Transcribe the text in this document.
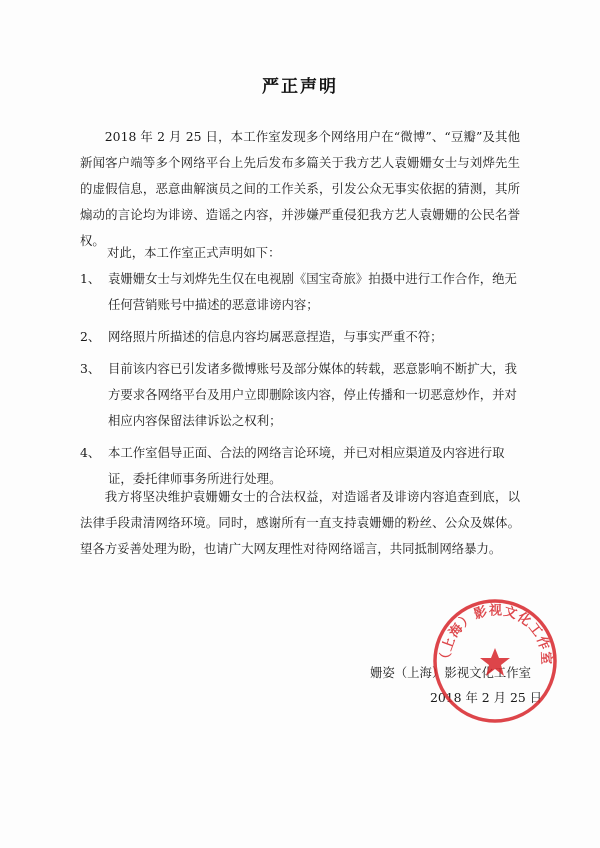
严正声明

2018 年 2 月 25 日，本工作室发现多个网络用户在“微博”、“豆瓣”及其他新闻客户端等多个网络平台上先后发布多篇关于我方艺人袁姗姗女士与刘烨先生的虚假信息，恶意曲解演员之间的工作关系，引发公众无事实依据的猜测，其所煽动的言论均为诽谤、造谣之内容，并涉嫌严重侵犯我方艺人袁姗姗的公民名誉权。

对此，本工作室正式声明如下：
1、 袁姗姗女士与刘烨先生仅在电视剧《国宝奇旅》拍摄中进行工作合作，绝无任何营销账号中描述的恶意诽谤内容；
2、 网络照片所描述的信息内容均属恶意捏造，与事实严重不符；
3、 目前该内容已引发诸多微博账号及部分媒体的转载，恶意影响不断扩大，我方要求各网络平台及用户立即删除该内容，停止传播和一切恶意炒作，并对相应内容保留法律诉讼之权利；
4、 本工作室倡导正面、合法的网络言论环境，并已对相应渠道及内容进行取证，委托律师事务所进行处理。

我方将坚决维护袁姗姗女士的合法权益，对造谣者及诽谤内容追查到底，以法律手段肃清网络环境。同时，感谢所有一直支持袁姗姗的粉丝、公众及媒体。望各方妥善处理为盼，也请广大网友理性对待网络谣言，共同抵制网络暴力。

姗姿（上海）影视文化工作室
2018 年 2 月 25 日
（上海）影视文化工作室
